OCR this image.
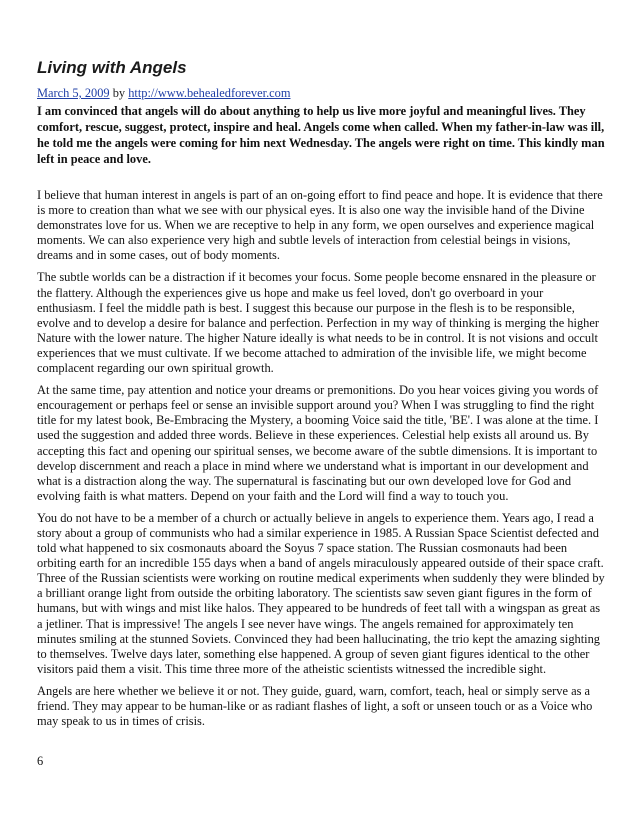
Living with Angels
March 5, 2009 by http://www.behealedforever.com

I am convinced that angels will do about anything to help us live more joyful and meaningful lives. They comfort, rescue, suggest, protect, inspire and heal. Angels come when called. When my father-in-law was ill, he told me the angels were coming for him next Wednesday. The angels were right on time. This kindly man left in peace and love.

I believe that human interest in angels is part of an on-going effort to find peace and hope. It is evidence that there is more to creation than what we see with our physical eyes. It is also one way the invisible hand of the Divine demonstrates love for us. When we are receptive to help in any form, we open ourselves and experience magical moments. We can also experience very high and subtle levels of interaction from celestial beings in visions, dreams and in some cases, out of body moments.

The subtle worlds can be a distraction if it becomes your focus. Some people become ensnared in the pleasure or the flattery. Although the experiences give us hope and make us feel loved, don't go overboard in your enthusiasm. I feel the middle path is best. I suggest this because our purpose in the flesh is to be responsible, evolve and to develop a desire for balance and perfection. Perfection in my way of thinking is merging the higher Nature with the lower nature. The higher Nature ideally is what needs to be in control. It is not visions and occult experiences that we must cultivate. If we become attached to admiration of the invisible life, we might become complacent regarding our own spiritual growth.

At the same time, pay attention and notice your dreams or premonitions. Do you hear voices giving you words of encouragement or perhaps feel or sense an invisible support around you? When I was struggling to find the right title for my latest book, Be-Embracing the Mystery, a booming Voice said the title, 'BE'. I was alone at the time. I used the suggestion and added three words. Believe in these experiences. Celestial help exists all around us. By accepting this fact and opening our spiritual senses, we become aware of the subtle dimensions. It is important to develop discernment and reach a place in mind where we understand what is important in our development and what is a distraction along the way. The supernatural is fascinating but our own developed love for God and evolving faith is what matters. Depend on your faith and the Lord will find a way to touch you.

You do not have to be a member of a church or actually believe in angels to experience them. Years ago, I read a story about a group of communists who had a similar experience in 1985. A Russian Space Scientist defected and told what happened to six cosmonauts aboard the Soyus 7 space station. The Russian cosmonauts had been orbiting earth for an incredible 155 days when a band of angels miraculously appeared outside of their space craft. Three of the Russian scientists were working on routine medical experiments when suddenly they were blinded by a brilliant orange light from outside the orbiting laboratory. The scientists saw seven giant figures in the form of humans, but with wings and mist like halos. They appeared to be hundreds of feet tall with a wingspan as great as a jetliner. That is impressive! The angels I see never have wings. The angels remained for approximately ten minutes smiling at the stunned Soviets. Convinced they had been hallucinating, the trio kept the amazing sighting to themselves. Twelve days later, something else happened. A group of seven giant figures identical to the other visitors paid them a visit. This time three more of the atheistic scientists witnessed the incredible sight.

Angels are here whether we believe it or not. They guide, guard, warn, comfort, teach, heal or simply serve as a friend. They may appear to be human-like or as radiant flashes of light, a soft or unseen touch or as a Voice who may speak to us in times of crisis.

6
